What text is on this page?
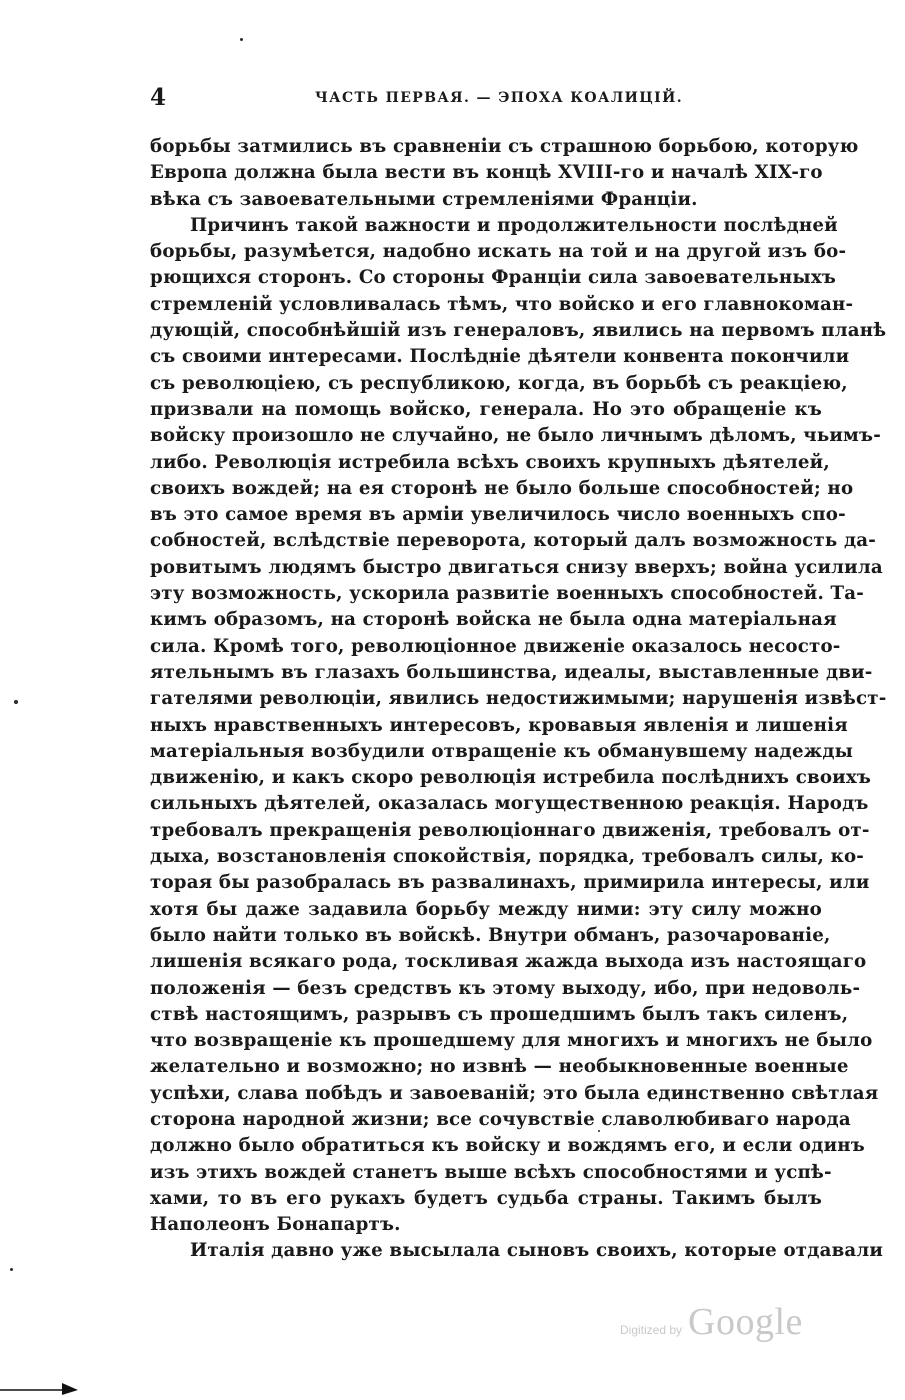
4	ЧАСТЬ ПЕРВАЯ. — ЭПОХА КОАЛИЦІЙ.
борьбы затмились въ сравненіи съ страшною борьбою, которую
Европа должна была вести въ концѣ XVIII-го и началѣ XIX-го
вѣка съ завоевательными стремленіями Франціи.
Причинъ такой важности и продолжительности послѣдней
борьбы, разумѣется, надобно искать на той и на другой изъ бо-
рющихся сторонъ. Со стороны Франціи сила завоевательныхъ
стремленій условливалась тѣмъ, что войско и его главнокоман-
дующій, способнѣйшій изъ генераловъ, явились на первомъ планѣ
съ своими интересами. Послѣдніе дѣятели конвента покончили
съ революціею, съ республикою, когда, въ борьбѣ съ реакціею,
призвали на помощь войско, генерала. Но это обращеніе къ
войску произошло не случайно, не было личнымъ дѣломъ, чьимъ-
либо. Революція истребила всѣхъ своихъ крупныхъ дѣятелей,
своихъ вождей; на ея сторонѣ не было больше способностей; но
въ это самое время въ арміи увеличилось число военныхъ спо-
собностей, вслѣдствіе переворота, который далъ возможность да-
ровитымъ людямъ быстро двигаться снизу вверхъ; война усилила
эту возможность, ускорила развитіе военныхъ способностей. Та-
кимъ образомъ, на сторонѣ войска не была одна матеріальная
сила. Кромѣ того, революціонное движеніе оказалось несосто-
ятельнымъ въ глазахъ большинства, идеалы, выставленные дви-
гателями революціи, явились недостижимыми; нарушенія извѣст-
ныхъ нравственныхъ интересовъ, кровавыя явленія и лишенія
матеріальныя возбудили отвращеніе къ обманувшему надежды
движенію, и какъ скоро революція истребила послѣднихъ своихъ
сильныхъ дѣятелей, оказалась могущественною реакція. Народъ
требовалъ прекращенія революціоннаго движенія, требовалъ от-
дыха, возстановленія спокойствія, порядка, требовалъ силы, ко-
торая бы разобралась въ развалинахъ, примирила интересы, или
хотя бы даже задавила борьбу между ними: эту силу можно
было найти только въ войскѣ. Внутри обманъ, разочарованіе,
лишенія всякаго рода, тоскливая жажда выхода изъ настоящаго
положенія — безъ средствъ къ этому выходу, ибо, при недоволь-
ствѣ настоящимъ, разрывъ съ прошедшимъ былъ такъ силенъ,
что возвращеніе къ прошедшему для многихъ и многихъ не было
желательно и возможно; но извнѣ — необыкновенные военные
успѣхи, слава побѣдъ и завоеваній; это была единственно свѣтлая
сторона народной жизни; все сочувствіе славолюбиваго народа
должно было обратиться къ войску и вождямъ его, и если одинъ
изъ этихъ вождей станетъ выше всѣхъ способностями и успѣ-
хами, то въ его рукахъ будетъ судьба страны. Такимъ былъ
Наполеонъ Бонапартъ.
Италія давно уже высылала сыновъ своихъ, которые отдавали
Digitized by Google
